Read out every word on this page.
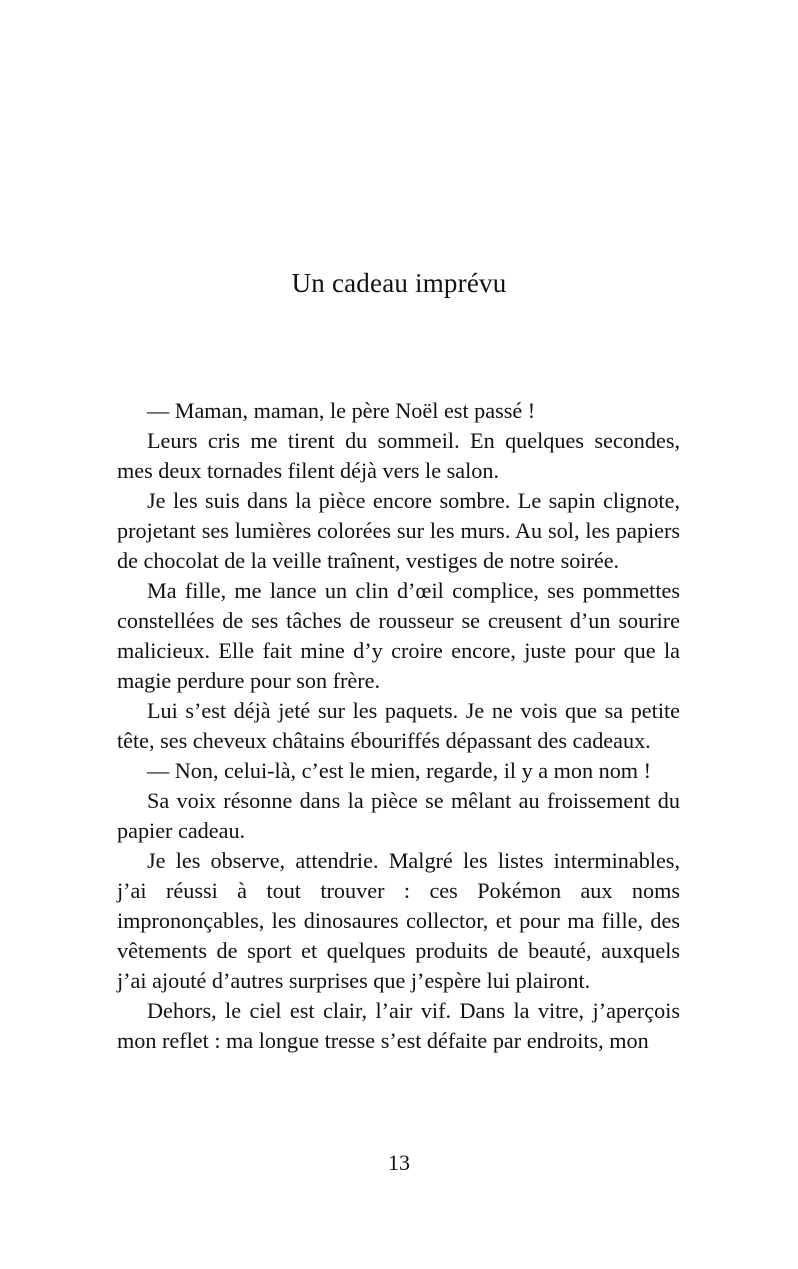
Un cadeau imprévu

— Maman, maman, le père Noël est passé !

Leurs cris me tirent du sommeil. En quelques secondes, mes deux tornades filent déjà vers le salon.

Je les suis dans la pièce encore sombre. Le sapin clignote, projetant ses lumières colorées sur les murs. Au sol, les papiers de chocolat de la veille traînent, vestiges de notre soirée.

Ma fille, me lance un clin d’œil complice, ses pommettes constellées de ses tâches de rousseur se creusent d’un sourire malicieux. Elle fait mine d’y croire encore, juste pour que la magie perdure pour son frère.

Lui s’est déjà jeté sur les paquets. Je ne vois que sa petite tête, ses cheveux châtains ébouriffés dépassant des cadeaux.

— Non, celui-là, c’est le mien, regarde, il y a mon nom !

Sa voix résonne dans la pièce se mêlant au froissement du papier cadeau.

Je les observe, attendrie. Malgré les listes interminables, j’ai réussi à tout trouver : ces Pokémon aux noms imprononçables, les dinosaures collector, et pour ma fille, des vêtements de sport et quelques produits de beauté, auxquels j’ai ajouté d’autres surprises que j’espère lui plairont.

Dehors, le ciel est clair, l’air vif. Dans la vitre, j’aperçois mon reflet : ma longue tresse s’est défaite par endroits, mon

13
